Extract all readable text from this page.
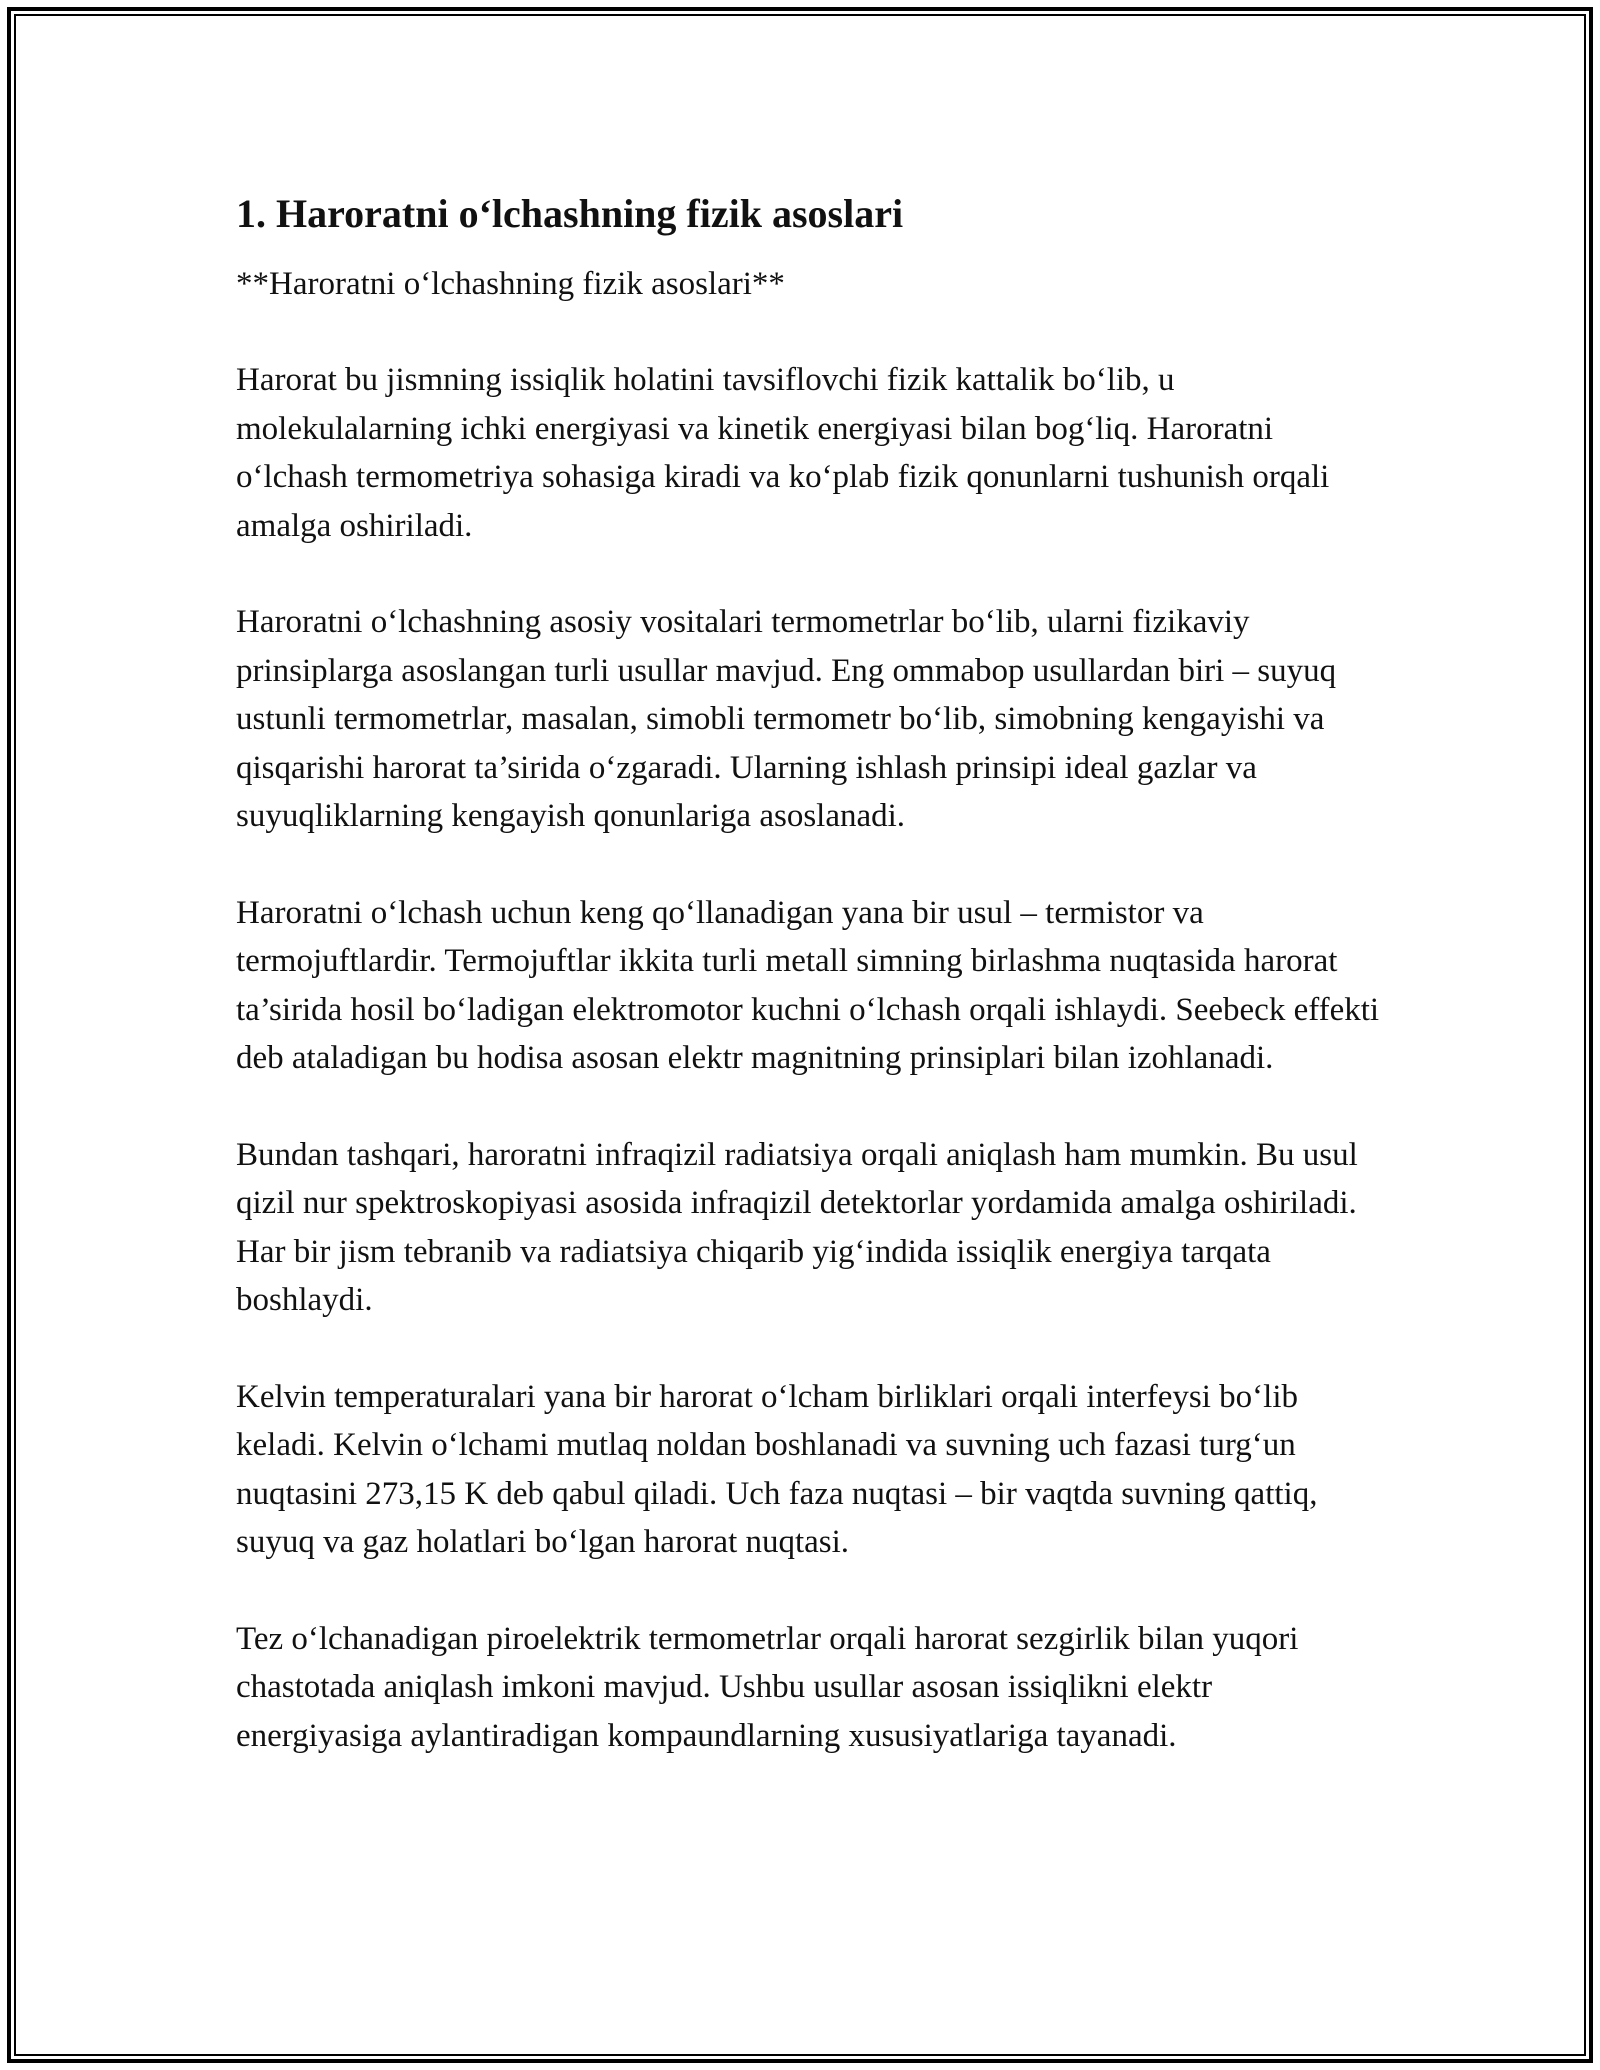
1. Haroratni o‘lchashning fizik asoslari

**Haroratni o‘lchashning fizik asoslari**

Harorat bu jismning issiqlik holatini tavsiflovchi fizik kattalik bo‘lib, u molekulalarning ichki energiyasi va kinetik energiyasi bilan bog‘liq. Haroratni o‘lchash termometriya sohasiga kiradi va ko‘plab fizik qonunlarni tushunish orqali amalga oshiriladi.

Haroratni o‘lchashning asosiy vositalari termometrlar bo‘lib, ularni fizikaviy prinsiplarga asoslangan turli usullar mavjud. Eng ommabop usullardan biri – suyuq ustunli termometrlar, masalan, simobli termometr bo‘lib, simobning kengayishi va qisqarishi harorat ta’sirida o‘zgaradi. Ularning ishlash prinsipi ideal gazlar va suyuqliklarning kengayish qonunlariga asoslanadi.

Haroratni o‘lchash uchun keng qo‘llanadigan yana bir usul – termistor va termojuftlardir. Termojuftlar ikkita turli metall simning birlashma nuqtasida harorat ta’sirida hosil bo‘ladigan elektromotor kuchni o‘lchash orqali ishlaydi. Seebeck effekti deb ataladigan bu hodisa asosan elektr magnitning prinsiplari bilan izohlanadi.

Bundan tashqari, haroratni infraqizil radiatsiya orqali aniqlash ham mumkin. Bu usul qizil nur spektroskopiyasi asosida infraqizil detektorlar yordamida amalga oshiriladi. Har bir jism tebranib va radiatsiya chiqarib yig‘indida issiqlik energiya tarqata boshlaydi.

Kelvin temperaturalari yana bir harorat o‘lcham birliklari orqali interfeysi bo‘lib keladi. Kelvin o‘lchami mutlaq noldan boshlanadi va suvning uch fazasi turg‘un nuqtasini 273,15 K deb qabul qiladi. Uch faza nuqtasi – bir vaqtda suvning qattiq, suyuq va gaz holatlari bo‘lgan harorat nuqtasi.

Tez o‘lchanadigan piroelektrik termometrlar orqali harorat sezgirlik bilan yuqori chastotada aniqlash imkoni mavjud. Ushbu usullar asosan issiqlikni elektr energiyasiga aylantiradigan kompaundlarning xususiyatlariga tayanadi.
